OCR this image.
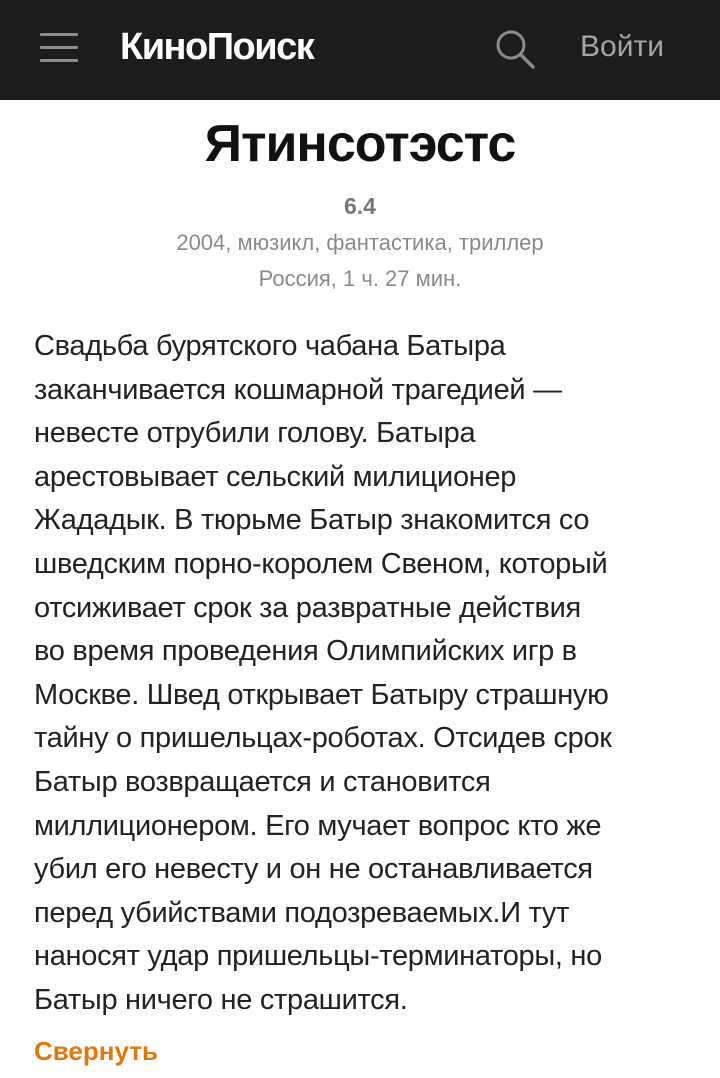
КиноПоиск	Войти
Ятинсотэстс
6.4
2004, мюзикл, фантастика, триллер
Россия, 1 ч. 27 мин.
Свадьба бурятского чабана Батыра
заканчивается кошмарной трагедией —
невесте отрубили голову. Батыра
арестовывает сельский милиционер
Жададык. В тюрьме Батыр знакомится со
шведским порно-королем Свеном, который
отсиживает срок за развратные действия
во время проведения Олимпийских игр в
Москве. Швед открывает Батыру страшную
тайну о пришельцах-роботах. Отсидев срок
Батыр возвращается и становится
миллиционером. Его мучает вопрос кто же
убил его невесту и он не останавливается
перед убийствами подозреваемых.И тут
наносят удар пришельцы-терминаторы, но
Батыр ничего не страшится.
Свернуть
